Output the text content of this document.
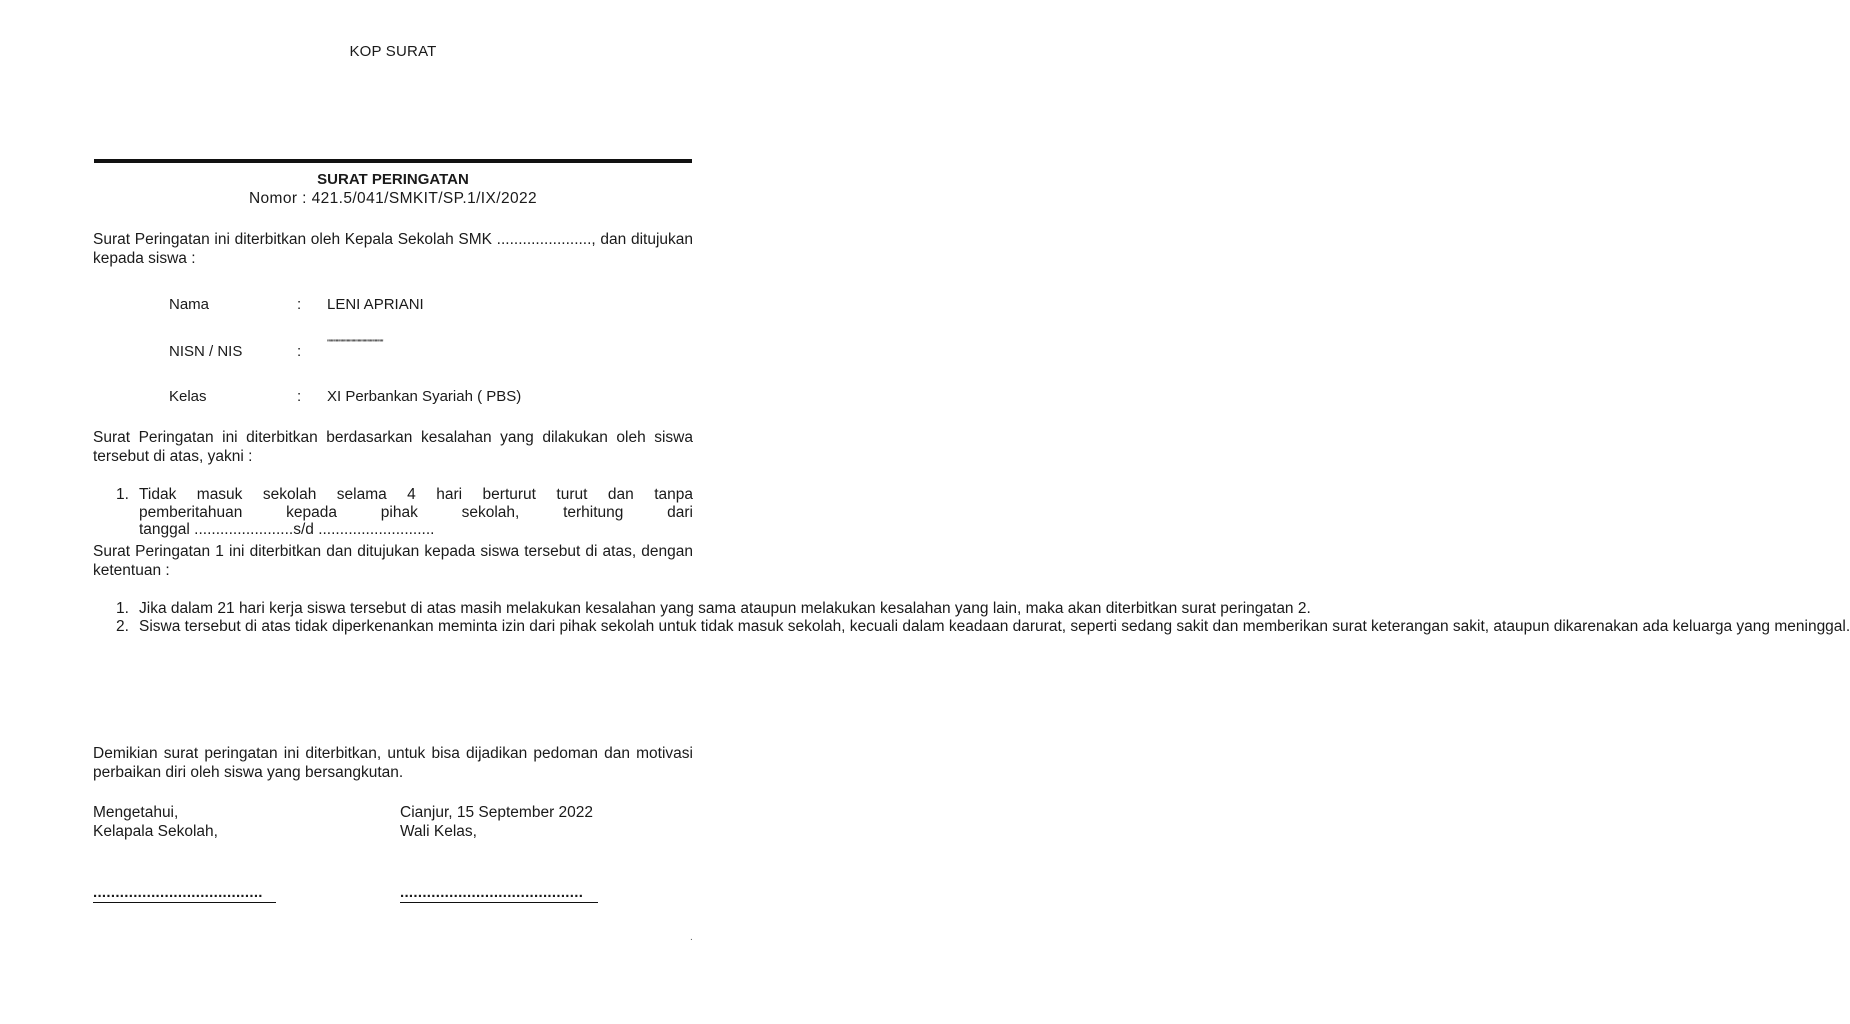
KOP SURAT
SURAT PERINGATAN
Nomor : 421.5/041/SMKIT/SP.1/IX/2022
Surat Peringatan ini diterbitkan oleh Kepala Sekolah SMK ......................, dan ditujukan kepada siswa :
Nama	: LENI APRIANI
NISN / NIS	:	''''''''''''''''''''''''''''''''''''''''''''''
Kelas	: XI Perbankan Syariah ( PBS)
Surat Peringatan ini diterbitkan berdasarkan kesalahan yang dilakukan oleh siswa tersebut di atas, yakni :
1. Tidak masuk sekolah selama 4 hari berturut turut dan tanpa
pemberitahuan kepada pihak sekolah, terhitung dari
tanggal .......................s/d ...........................
Surat Peringatan 1 ini diterbitkan dan ditujukan kepada siswa tersebut di atas, dengan ketentuan :
1. Jika dalam 21 hari kerja siswa tersebut di atas masih melakukan kesalahan yang sama ataupun melakukan kesalahan yang lain, maka akan diterbitkan surat peringatan 2.
2. Siswa tersebut di atas tidak diperkenankan meminta izin dari pihak sekolah untuk tidak masuk sekolah, kecuali dalam keadaan darurat, seperti sedang sakit dan memberikan surat keterangan sakit, ataupun dikarenakan ada keluarga yang meninggal.
Demikian surat peringatan ini diterbitkan, untuk bisa dijadikan pedoman dan motivasi perbaikan diri oleh siswa yang bersangkutan.
Mengetahui,
Kelapala Sekolah,
Cianjur, 15 September 2022
Wali Kelas,
......................................	.........................................
.
